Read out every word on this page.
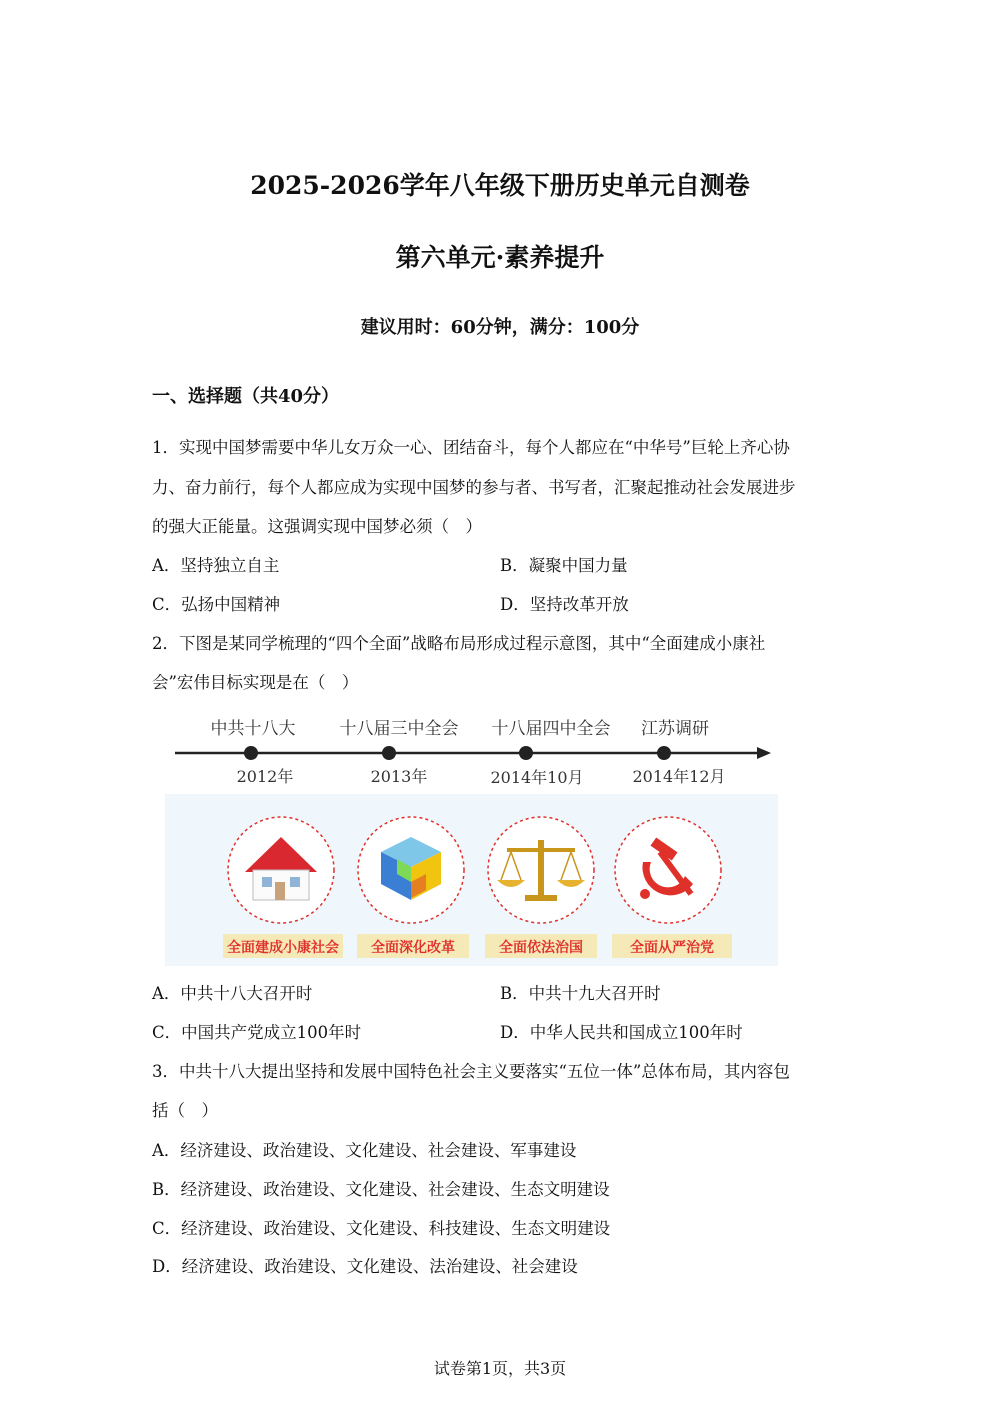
2025-2026学年八年级下册历史单元自测卷
第六单元·素养提升
建议用时：60分钟，满分：100分
一、选择题（共40分）
1．实现中国梦需要中华儿女万众一心、团结奋斗，每个人都应在“中华号”巨轮上齐心协
力、奋力前行，每个人都应成为实现中国梦的参与者、书写者，汇聚起推动社会发展进步
的强大正能量。这强调实现中国梦必须（　）
A．坚持独立自主	B．凝聚中国力量
C．弘扬中国精神	D．坚持改革开放
2．下图是某同学梳理的“四个全面”战略布局形成过程示意图，其中“全面建成小康社
会”宏伟目标实现是在（　）
中共十八大	十八届三中全会 十八届四中全会 江苏调研
2012年	2013年	2014年10月	2014年12月
全面建成小康社会 全面深化改革	全面依法治国	全面从严治党
A．中共十八大召开时	B．中共十九大召开时
C．中国共产党成立100年时	D．中华人民共和国成立100年时
3．中共十八大提出坚持和发展中国特色社会主义要落实“五位一体”总体布局，其内容包
括（　）
A．经济建设、政治建设、文化建设、社会建设、军事建设
B．经济建设、政治建设、文化建设、社会建设、生态文明建设
C．经济建设、政治建设、文化建设、科技建设、生态文明建设
D．经济建设、政治建设、文化建设、法治建设、社会建设
试卷第1页，共3页
